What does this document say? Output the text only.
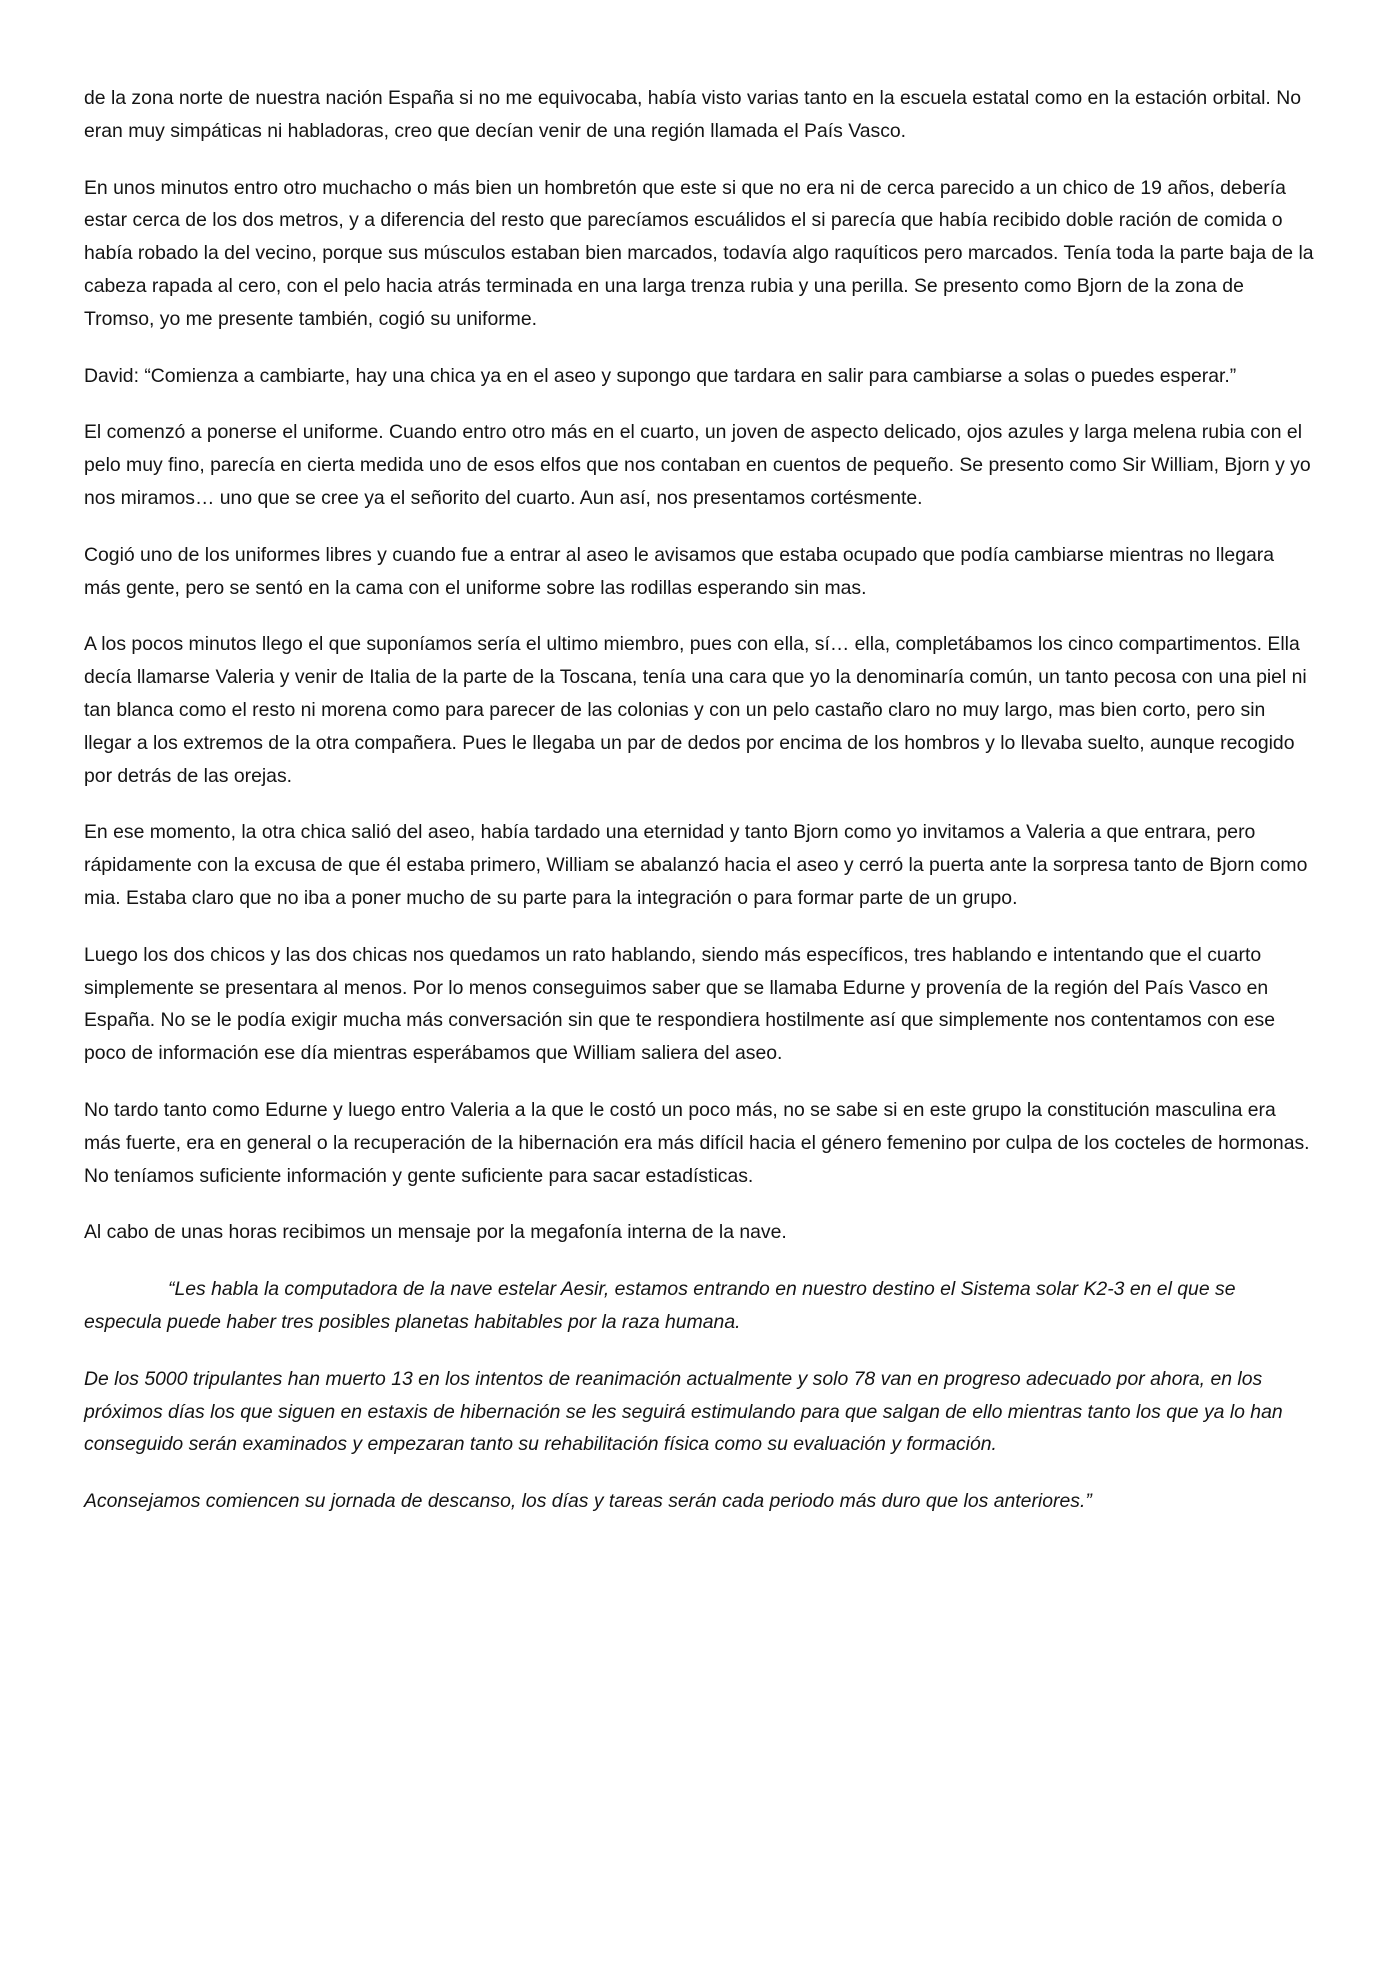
de la zona norte de nuestra nación España si no me equivocaba, había visto varias tanto en la escuela estatal como en la estación orbital. No eran muy simpáticas ni habladoras, creo que decían venir de una región llamada el País Vasco.

En unos minutos entro otro muchacho o más bien un hombretón que este si que no era ni de cerca parecido a un chico de 19 años, debería estar cerca de los dos metros, y a diferencia del resto que parecíamos escuálidos el si parecía que había recibido doble ración de comida o había robado la del vecino, porque sus músculos estaban bien marcados, todavía algo raquíticos pero marcados. Tenía toda la parte baja de la cabeza rapada al cero, con el pelo hacia atrás terminada en una larga trenza rubia y una perilla. Se presento como Bjorn de la zona de Tromso, yo me presente también, cogió su uniforme.

David: “Comienza a cambiarte, hay una chica ya en el aseo y supongo que tardara en salir para cambiarse a solas o puedes esperar.”

El comenzó a ponerse el uniforme. Cuando entro otro más en el cuarto, un joven de aspecto delicado, ojos azules y larga melena rubia con el pelo muy fino, parecía en cierta medida uno de esos elfos que nos contaban en cuentos de pequeño. Se presento como Sir William, Bjorn y yo nos miramos… uno que se cree ya el señorito del cuarto. Aun así, nos presentamos cortésmente.

Cogió uno de los uniformes libres y cuando fue a entrar al aseo le avisamos que estaba ocupado que podía cambiarse mientras no llegara más gente, pero se sentó en la cama con el uniforme sobre las rodillas esperando sin mas.

A los pocos minutos llego el que suponíamos sería el ultimo miembro, pues con ella, sí… ella, completábamos los cinco compartimentos. Ella decía llamarse Valeria y venir de Italia de la parte de la Toscana, tenía una cara que yo la denominaría común, un tanto pecosa con una piel ni tan blanca como el resto ni morena como para parecer de las colonias y con un pelo castaño claro no muy largo, mas bien corto, pero sin llegar a los extremos de la otra compañera. Pues le llegaba un par de dedos por encima de los hombros y lo llevaba suelto, aunque recogido por detrás de las orejas.

En ese momento, la otra chica salió del aseo, había tardado una eternidad y tanto Bjorn como yo invitamos a Valeria a que entrara, pero rápidamente con la excusa de que él estaba primero, William se abalanzó hacia el aseo y cerró la puerta ante la sorpresa tanto de Bjorn como mia. Estaba claro que no iba a poner mucho de su parte para la integración o para formar parte de un grupo.

Luego los dos chicos y las dos chicas nos quedamos un rato hablando, siendo más específicos, tres hablando e intentando que el cuarto simplemente se presentara al menos. Por lo menos conseguimos saber que se llamaba Edurne y provenía de la región del País Vasco en España. No se le podía exigir mucha más conversación sin que te respondiera hostilmente así que simplemente nos contentamos con ese poco de información ese día mientras esperábamos que William saliera del aseo.

No tardo tanto como Edurne y luego entro Valeria a la que le costó un poco más, no se sabe si en este grupo la constitución masculina era más fuerte, era en general o la recuperación de la hibernación era más difícil hacia el género femenino por culpa de los cocteles de hormonas. No teníamos suficiente información y gente suficiente para sacar estadísticas.

Al cabo de unas horas recibimos un mensaje por la megafonía interna de la nave.

“Les habla la computadora de la nave estelar Aesir, estamos entrando en nuestro destino el Sistema solar K2-3 en el que se especula puede haber tres posibles planetas habitables por la raza humana.

De los 5000 tripulantes han muerto 13 en los intentos de reanimación actualmente y solo 78 van en progreso adecuado por ahora, en los próximos días los que siguen en estaxis de hibernación se les seguirá estimulando para que salgan de ello mientras tanto los que ya lo han conseguido serán examinados y empezaran tanto su rehabilitación física como su evaluación y formación.

Aconsejamos comiencen su jornada de descanso, los días y tareas serán cada periodo más duro que los anteriores.”
